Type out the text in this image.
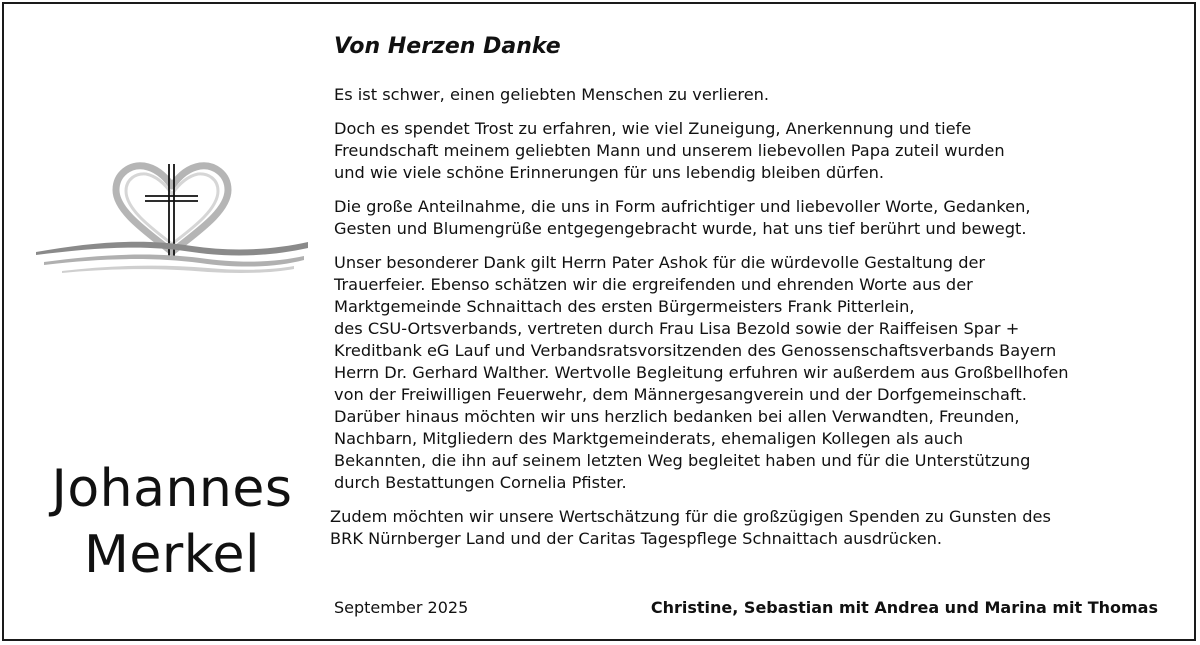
Johannes
Merkel
Von Herzen Danke

Es ist schwer, einen geliebten Menschen zu verlieren.

Doch es spendet Trost zu erfahren, wie viel Zuneigung, Anerkennung und tiefe
Freundschaft meinem geliebten Mann und unserem liebevollen Papa zuteil wurden
und wie viele schöne Erinnerungen für uns lebendig bleiben dürfen.

Die große Anteilnahme, die uns in Form aufrichtiger und liebevoller Worte, Gedanken,
Gesten und Blumengrüße entgegengebracht wurde, hat uns tief berührt und bewegt.

Unser besonderer Dank gilt Herrn Pater Ashok für die würdevolle Gestaltung der
Trauerfeier. Ebenso schätzen wir die ergreifenden und ehrenden Worte aus der
Marktgemeinde Schnaittach des ersten Bürgermeisters Frank Pitterlein,
des CSU-Ortsverbands, vertreten durch Frau Lisa Bezold sowie der Raiffeisen Spar +
Kreditbank eG Lauf und Verbandsratsvorsitzenden des Genossenschaftsverbands Bayern
Herrn Dr. Gerhard Walther. Wertvolle Begleitung erfuhren wir außerdem aus Großbellhofen
von der Freiwilligen Feuerwehr, dem Männergesangverein und der Dorfgemeinschaft.
Darüber hinaus möchten wir uns herzlich bedanken bei allen Verwandten, Freunden,
Nachbarn, Mitgliedern des Marktgemeinderats, ehemaligen Kollegen als auch
Bekannten, die ihn auf seinem letzten Weg begleitet haben und für die Unterstützung
durch Bestattungen Cornelia Pfister.

Zudem möchten wir unsere Wertschätzung für die großzügigen Spenden zu Gunsten des
BRK Nürnberger Land und der Caritas Tagespflege Schnaittach ausdrücken.

September 2025	Christine, Sebastian mit Andrea und Marina mit Thomas
